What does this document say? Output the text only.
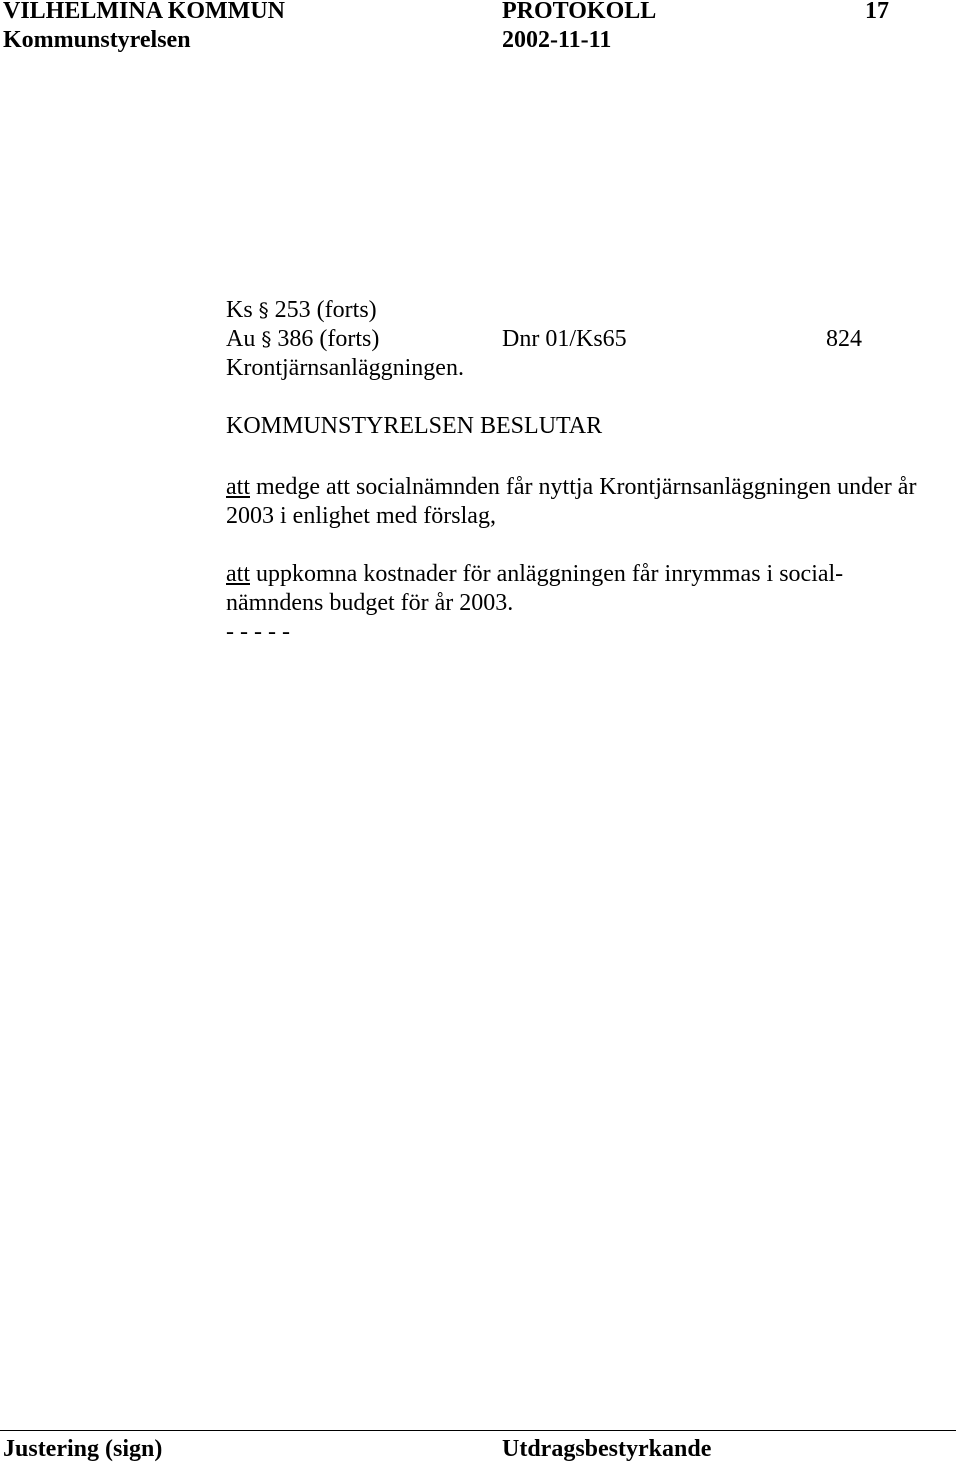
VILHELMINA KOMMUN	PROTOKOLL	17
Kommunstyrelsen	2002-11-11
Ks § 253 (forts)
Au § 386 (forts)	Dnr 01/Ks65	824
Krontjärnsanläggningen.
KOMMUNSTYRELSEN BESLUTAR
att medge att socialnämnden får nyttja Krontjärnsanläggningen under år
2003 i enlighet med förslag,
att uppkomna kostnader för anläggningen får inrymmas i social-
nämndens budget för år 2003.
- - - - -
Justering (sign)	Utdragsbestyrkande
